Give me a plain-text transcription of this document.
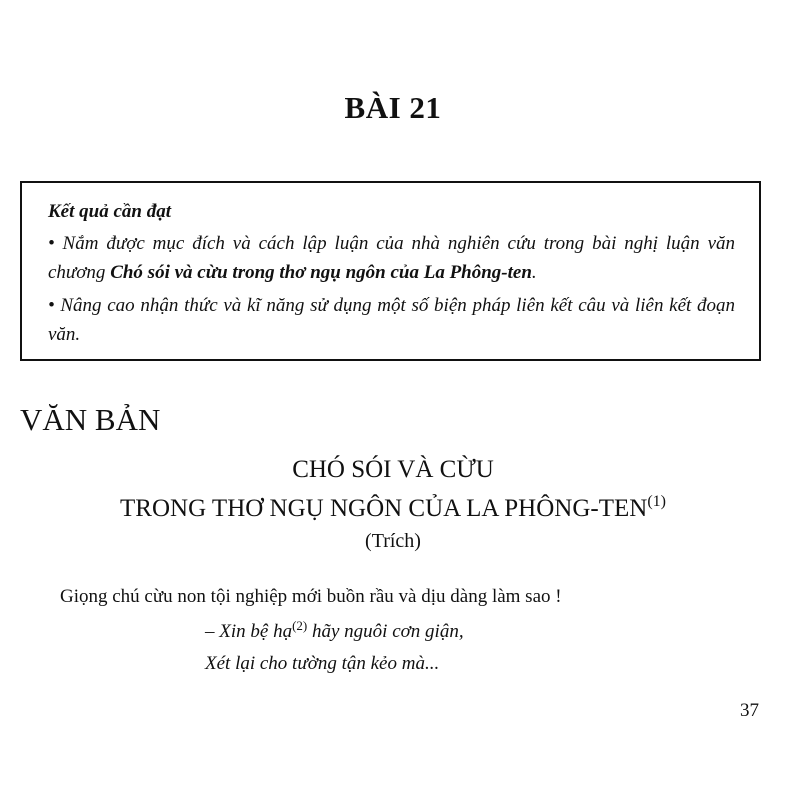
BÀI 21
Kết quả cần đạt
• Nắm được mục đích và cách lập luận của nhà nghiên cứu trong bài nghị luận văn chương Chó sói và cừu trong thơ ngụ ngôn của La Phông-ten.
• Nâng cao nhận thức và kĩ năng sử dụng một số biện pháp liên kết câu và liên kết đoạn văn.
VĂN BẢN
CHÓ SÓI VÀ CỪU
TRONG THƠ NGỤ NGÔN CỦA LA PHÔNG-TEN$^{(1)}$
(Trích)
Giọng chú cừu non tội nghiệp mới buồn rầu và dịu dàng làm sao !
– Xin bệ hạ$^{(2)}$ hãy nguôi cơn giận,
Xét lại cho tường tận kẻo mà...
37
